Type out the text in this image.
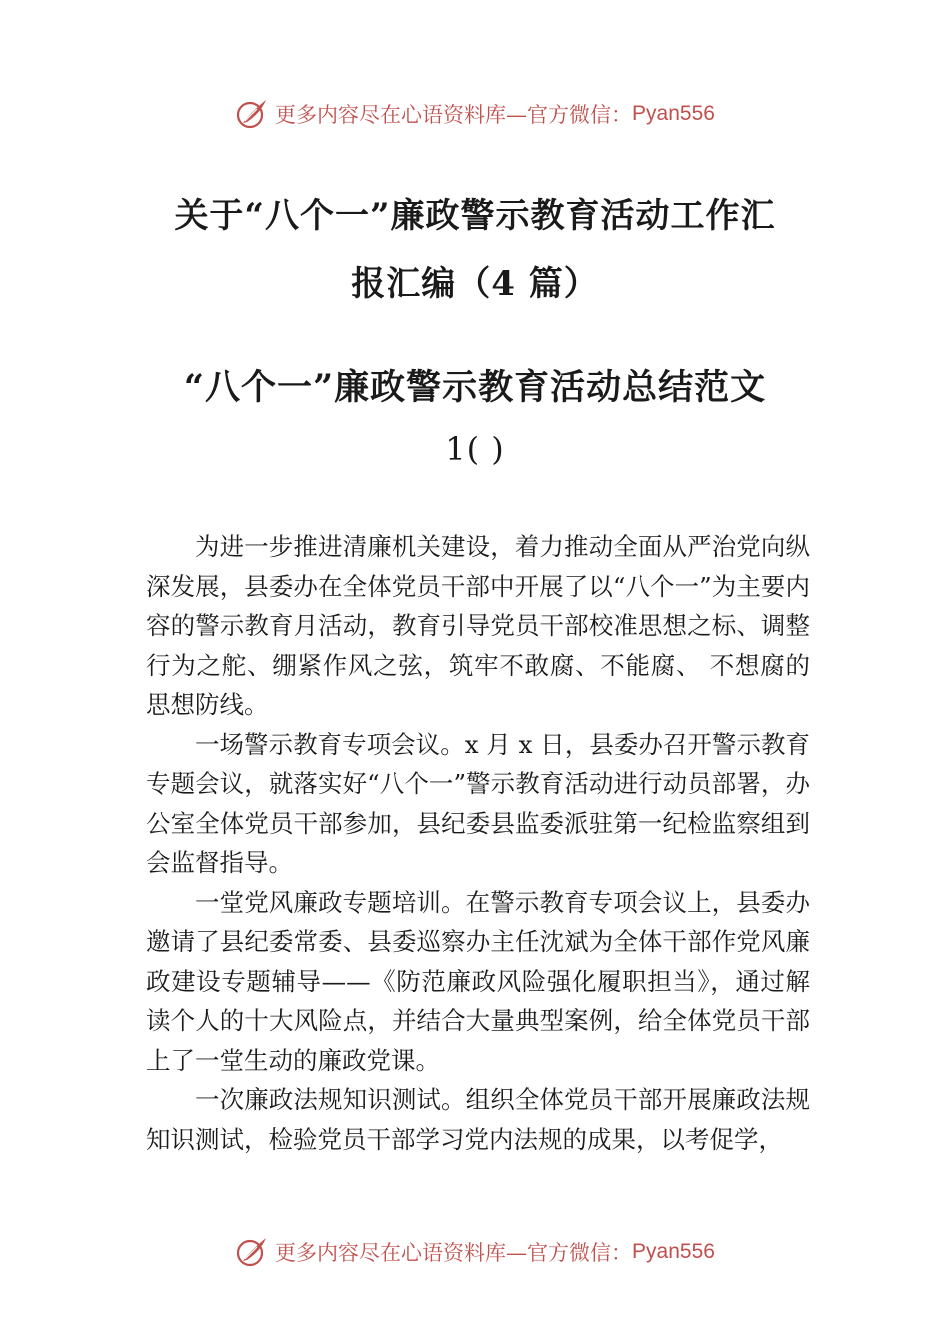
更多内容尽在心语资料库—官方微信： Pyan556
关于“八个一”廉政警示教育活动工作汇
报汇编（4 篇）
“八个一”廉政警示教育活动总结范文
1( )

为进一步推进清廉机关建设，着力推动全面从严治党向纵深发展，县委办在全体党员干部中开展了以“八个一”为主要内容的警示教育月活动，教育引导党员干部校准思想之标、调整行为之舵、绷紧作风之弦，筑牢不敢腐、不能腐、 不想腐的思想防线。

一场警示教育专项会议。x 月 x 日，县委办召开警示教育专题会议，就落实好“八个一”警示教育活动进行动员部署，办公室全体党员干部参加，县纪委县监委派驻第一纪检监察组到会监督指导。

一堂党风廉政专题培训。在警示教育专项会议上，县委办邀请了县纪委常委、县委巡察办主任沈斌为全体干部作党风廉政建设专题辅导——《防范廉政风险强化履职担当》，通过解读个人的十大风险点，并结合大量典型案例，给全体党员干部上了一堂生动的廉政党课。

一次廉政法规知识测试。组织全体党员干部开展廉政法规知识测试，检验党员干部学习党内法规的成果，以考促学，

更多内容尽在心语资料库—官方微信： Pyan556
